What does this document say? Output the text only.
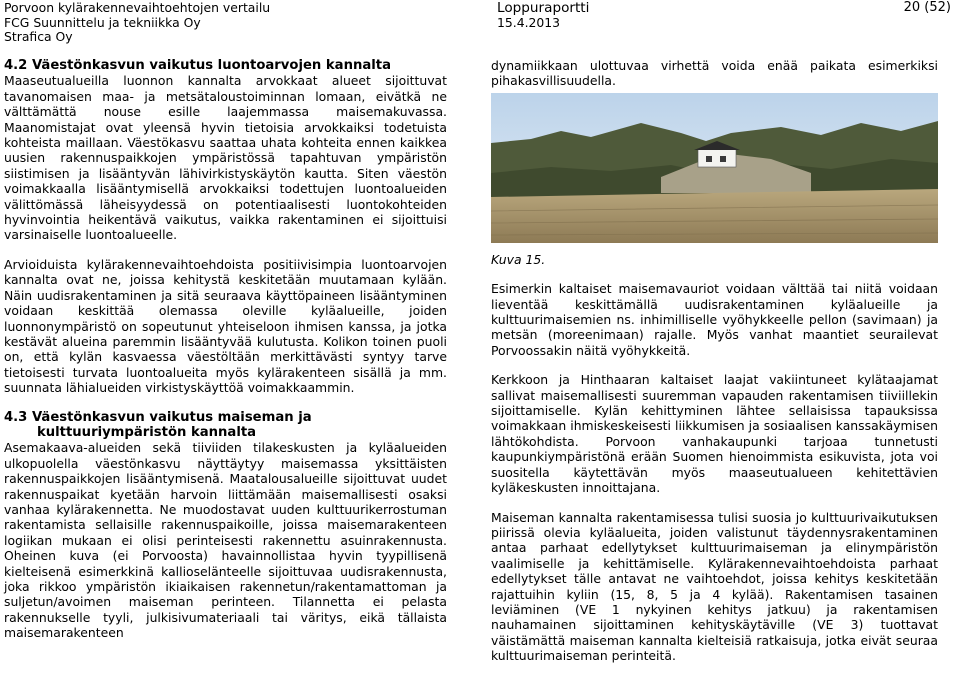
Porvoon kylärakennevaihtoehtojen vertailu
FCG Suunnittelu ja tekniikka Oy
Strafica Oy
Loppuraportti
15.4.2013
20 (52)

4.2 Väestönkasvun vaikutus luontoarvojen kannalta

Maaseutualueilla luonnon kannalta arvokkaat alueet sijoittuvat tavanomaisen maa- ja metsätaloustoiminnan lomaan, eivätkä ne välttämättä nouse esille laajemmassa maisemakuvassa. Maanomistajat ovat yleensä hyvin tietoisia arvokkaiksi todetuista kohteista maillaan. Väestökasvu saattaa uhata kohteita ennen kaikkea uusien rakennuspaikkojen ympäristössä tapahtuvan ympäristön siistimisen ja lisääntyvän lähivirkistyskäytön kautta. Siten väestön voimakkaalla lisääntymisellä arvokkaiksi todettujen luontoalueiden välittömässä läheisyydessä on potentiaalisesti luontokohteiden hyvinvointia heikentävä vaikutus, vaikka rakentaminen ei sijoittuisi varsinaiselle luontoalueelle.

Arvioiduista kylärakennevaihtoehdoista positiivisimpia luontoarvojen kannalta ovat ne, joissa kehitystä keskitetään muutamaan kylään. Näin uudisrakentaminen ja sitä seuraava käyttöpaineen lisääntyminen voidaan keskittää olemassa oleville kyläalueille, joiden luonnonympäristö on sopeutunut yhteiseloon ihmisen kanssa, ja jotka kestävät alueina paremmin lisääntyvää kulutusta. Kolikon toinen puoli on, että kylän kasvaessa väestöltään merkittävästi syntyy tarve tietoisesti turvata luontoalueita myös kylärakenteen sisällä ja mm. suunnata lähialueiden virkistyskäyttöä voimakkaammin.

4.3 Väestönkasvun vaikutus maiseman ja

kulttuuriympäristön kannalta

Asemakaava-alueiden sekä tiiviiden tilakeskusten ja kyläalueiden ulkopuolella väestönkasvu näyttäytyy maisemassa yksittäisten rakennuspaikkojen lisääntymisenä. Maatalousalueille sijoittuvat uudet rakennuspaikat kyetään harvoin liittämään maisemallisesti osaksi vanhaa kylärakennetta. Ne muodostavat uuden kulttuurikerrostuman rakentamista sellaisille rakennuspaikoille, joissa maisemarakenteen logiikan mukaan ei olisi perinteisesti rakennettu asuinrakennusta. Oheinen kuva (ei Porvoosta) havainnollistaa hyvin tyypillisenä kielteisenä esimerkkinä kallioselänteelle sijoittuvaa uudisrakennusta, joka rikkoo ympäristön ikiaikaisen rakennetun/rakentamattoman ja suljetun/avoimen maiseman perinteen. Tilannetta ei pelasta rakennukselle tyyli, julkisivumateriaali tai väritys, eikä tällaista maisemarakenteen

dynamiikkaan ulottuvaa virhettä voida enää paikata esimerkiksi pihakasvillisuudella.

Kuva 15.

Esimerkin kaltaiset maisemavauriot voidaan välttää tai niitä voidaan lieventää keskittämällä uudisrakentaminen kyläalueille ja kulttuurimaisemien ns. inhimilliselle vyöhykkeelle pellon (savimaan) ja metsän (moreenimaan) rajalle. Myös vanhat maantiet seurailevat Porvoossakin näitä vyöhykkeitä.

Kerkkoon ja Hinthaaran kaltaiset laajat vakiintuneet kylätaajamat sallivat maisemallisesti suuremman vapauden rakentamisen tiiviillekin sijoittamiselle. Kylän kehittyminen lähtee sellaisissa tapauksissa voimakkaan ihmiskeskeisesti liikkumisen ja sosiaalisen kanssakäymisen lähtökohdista. Porvoon vanhakaupunki tarjoaa tunnetusti kaupunkiympäristönä erään Suomen hienoimmista esikuvista, jota voi suositella käytettävän myös maaseutualueen kehitettävien kyläkeskusten innoittajana.

Maiseman kannalta rakentamisessa tulisi suosia jo kulttuurivaikutuksen piirissä olevia kyläalueita, joiden valistunut täydennysrakentaminen antaa parhaat edellytykset kulttuurimaiseman ja elinympäristön vaalimiselle ja kehittämiselle. Kylärakennevaihtoehdoista parhaat edellytykset tälle antavat ne vaihtoehdot, joissa kehitys keskitetään rajattuihin kyliin (15, 8, 5 ja 4 kylää). Rakentamisen tasainen leviäminen (VE 1 nykyinen kehitys jatkuu) ja rakentamisen nauhamainen sijoittaminen kehityskäytäville (VE 3) tuottavat väistämättä maiseman kannalta kielteisiä ratkaisuja, jotka eivät seuraa kulttuurimaiseman perinteitä.
